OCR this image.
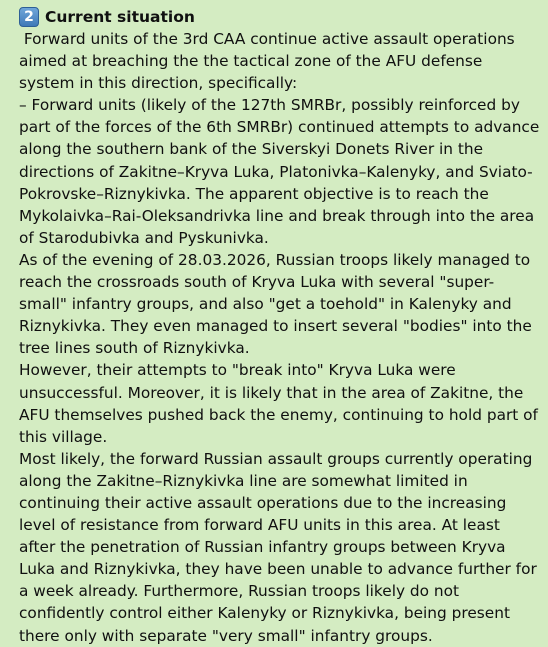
2 Current situation

Forward units of the 3rd CAA continue active assault operations aimed at breaching the the tactical zone of the AFU defense system in this direction, specifically:

– Forward units (likely of the 127th SMRBr, possibly reinforced by part of the forces of the 6th SMRBr) continued attempts to advance along the southern bank of the Siverskyi Donets River in the directions of Zakitne–Kryva Luka, Platonivka–Kalenyky, and Sviato-Pokrovske–Riznykivka. The apparent objective is to reach the Mykolaivka–Rai-Oleksandrivka line and break through into the area of Starodubivka and Pyskunivka.

As of the evening of 28.03.2026, Russian troops likely managed to reach the crossroads south of Kryva Luka with several "super-small" infantry groups, and also "get a toehold" in Kalenyky and Riznykivka. They even managed to insert several "bodies" into the tree lines south of Riznykivka.

However, their attempts to "break into" Kryva Luka were unsuccessful. Moreover, it is likely that in the area of Zakitne, the AFU themselves pushed back the enemy, continuing to hold part of this village.

Most likely, the forward Russian assault groups currently operating along the Zakitne–Riznykivka line are somewhat limited in continuing their active assault operations due to the increasing level of resistance from forward AFU units in this area. At least after the penetration of Russian infantry groups between Kryva Luka and Riznykivka, they have been unable to advance further for a week already. Furthermore, Russian troops likely do not confidently control either Kalenyky or Riznykivka, being present there only with separate "very small" infantry groups.
